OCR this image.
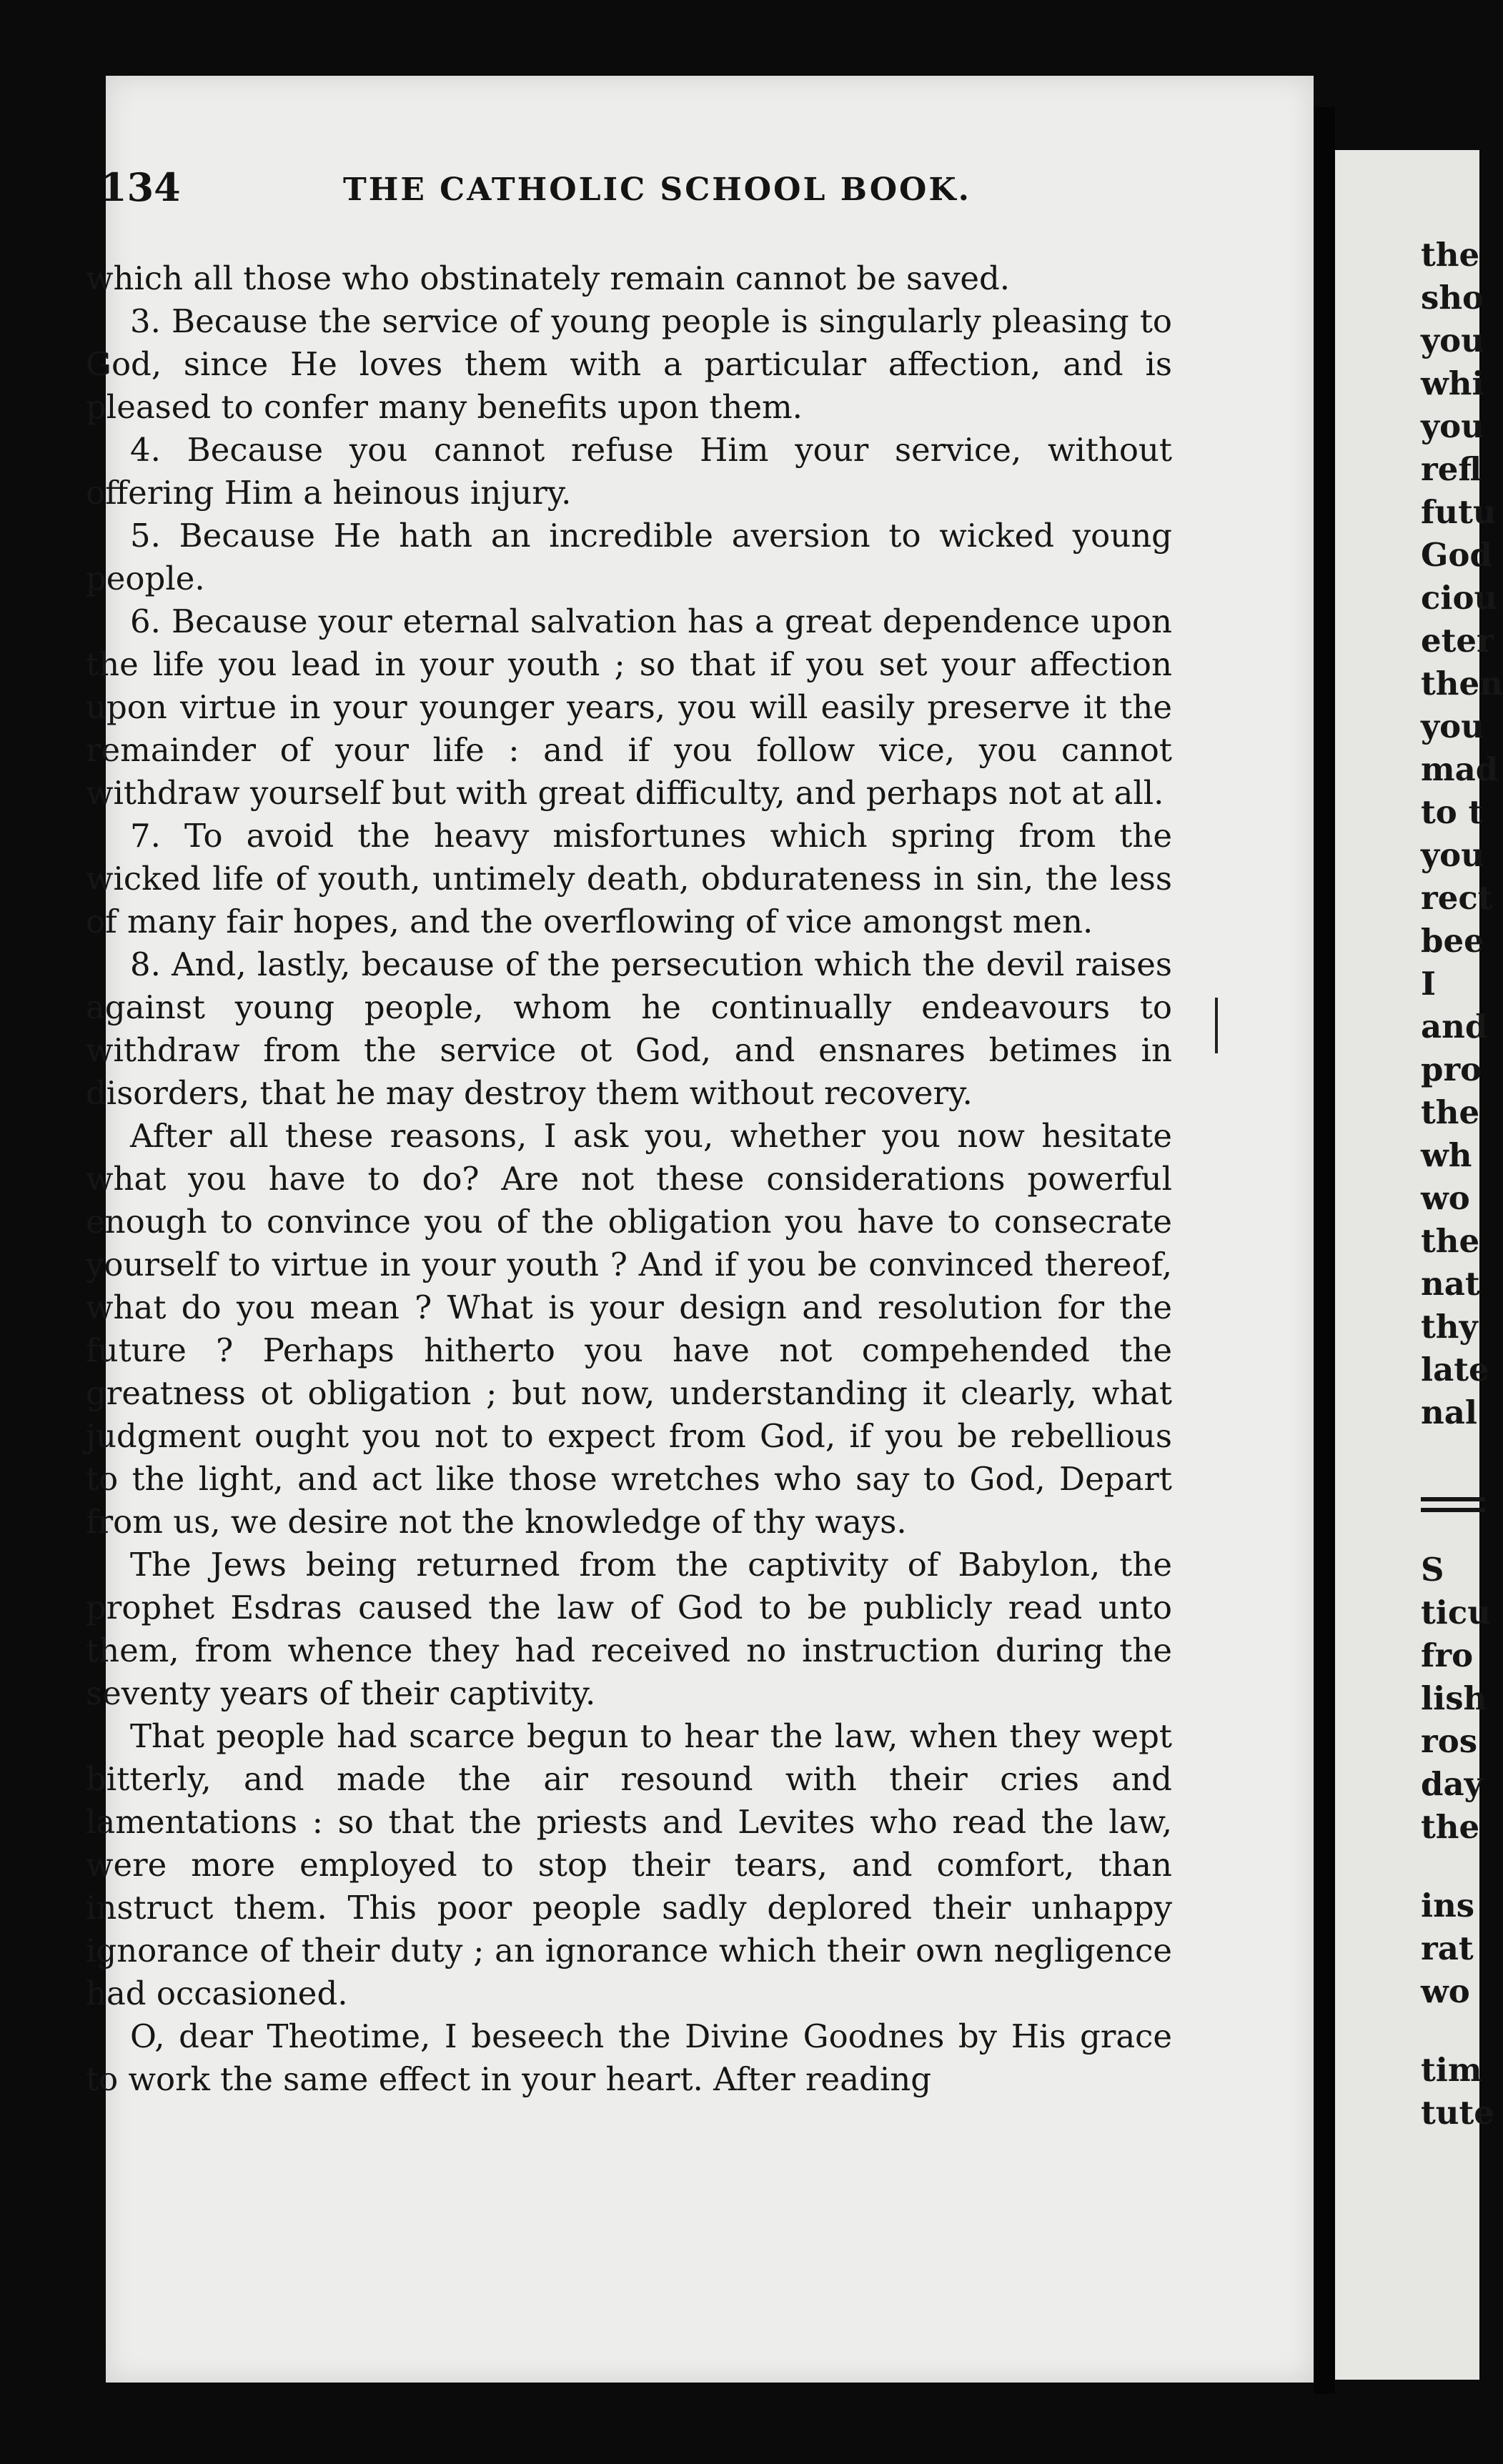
the
sho
you
whi
you
refl
futu
God
ciou
eter
then
you
mad
to t
you
rect
bee
I
and
pro
the
wh
wo
the
nat
thy
late
nal
S
ticu
fro
lish
ros
day
the
ins
rat
wo
tim
tute
134	THE CATHOLIC SCHOOL BOOK.

which all those who obstinately remain cannot be saved.

3. Because the service of young people is singularly pleasing to God, since He loves them with a particular affection, and is pleased to confer many benefits upon them.

4. Because you cannot refuse Him your service, without offering Him a heinous injury.

5. Because He hath an incredible aversion to wicked young people.

6. Because your eternal salvation has a great dependence upon the life you lead in your youth ; so that if you set your affection upon virtue in your younger years, you will easily preserve it the remainder of your life : and if you follow vice, you cannot withdraw yourself but with great difficulty, and perhaps not at all.

7. To avoid the heavy misfortunes which spring from the wicked life of youth, untimely death, obdurateness in sin, the less of many fair hopes, and the overflowing of vice amongst men.

8. And, lastly, because of the persecution which the devil raises against young people, whom he continually endeavours to withdraw from the service ot God, and ensnares betimes in disorders, that he may destroy them without recovery.

After all these reasons, I ask you, whether you now hesitate what you have to do? Are not these considerations powerful enough to convince you of the obligation you have to consecrate yourself to virtue in your youth ? And if you be convinced thereof, what do you mean ? What is your design and resolution for the future ? Perhaps hitherto you have not compehended the greatness ot obligation ; but now, understanding it clearly, what judgment ought you not to expect from God, if you be rebellious to the light, and act like those wretches who say to God, Depart from us, we desire not the knowledge of thy ways.

The Jews being returned from the captivity of Babylon, the prophet Esdras caused the law of God to be publicly read unto them, from whence they had received no instruction during the seventy years of their captivity.

That people had scarce begun to hear the law, when they wept bitterly, and made the air resound with their cries and lamentations : so that the priests and Levites who read the law, were more employed to stop their tears, and comfort, than instruct them. This poor people sadly deplored their unhappy ignorance of their duty ; an ignorance which their own negligence had occasioned.

O, dear Theotime, I beseech the Divine Goodnes by His grace to work the same effect in your heart. After reading
